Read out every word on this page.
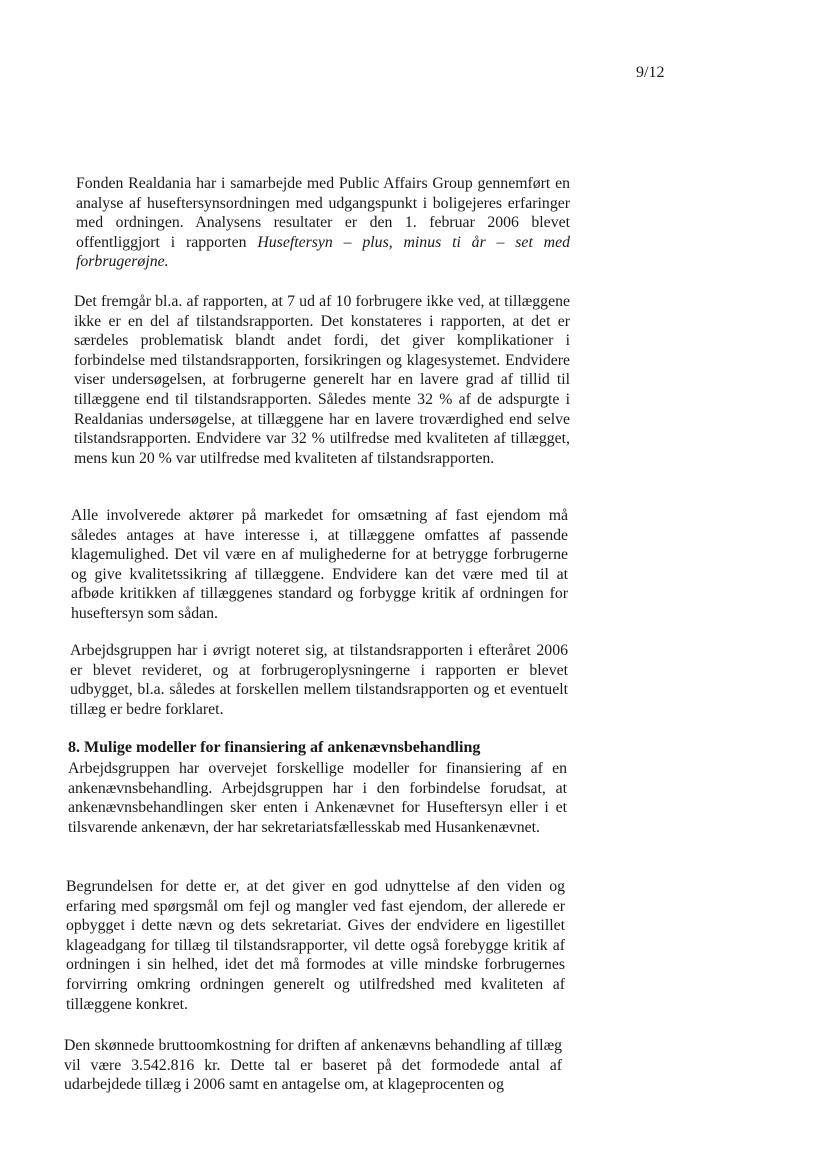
9/12

Fonden Realdania har i samarbejde med Public Affairs Group gennemført en analyse af huseftersynsordningen med udgangspunkt i boligejeres erfaringer med ordningen. Analysens resultater er den 1. februar 2006 blevet offentliggjort i rapporten Huseftersyn – plus, minus ti år – set med forbrugerøjne.

Det fremgår bl.a. af rapporten, at 7 ud af 10 forbrugere ikke ved, at tillæggene ikke er en del af tilstandsrapporten. Det konstateres i rapporten, at det er særdeles problematisk blandt andet fordi, det giver komplikationer i forbindelse med tilstandsrapporten, forsikringen og klagesystemet. Endvidere viser undersøgelsen, at forbrugerne generelt har en lavere grad af tillid til tillæggene end til tilstandsrapporten. Således mente 32 % af de adspurgte i Realdanias undersøgelse, at tillæggene har en lavere troværdighed end selve tilstandsrapporten. Endvidere var 32 % utilfredse med kvaliteten af tillægget, mens kun 20 % var utilfredse med kvaliteten af tilstandsrapporten.

Alle involverede aktører på markedet for omsætning af fast ejendom må således antages at have interesse i, at tillæggene omfattes af passende klagemulighed. Det vil være en af mulighederne for at betrygge forbrugerne og give kvalitetssikring af tillæggene. Endvidere kan det være med til at afbøde kritikken af tillæggenes standard og forbygge kritik af ordningen for huseftersyn som sådan.

Arbejdsgruppen har i øvrigt noteret sig, at tilstandsrapporten i efteråret 2006 er blevet revideret, og at forbrugeroplysningerne i rapporten er blevet udbygget, bl.a. således at forskellen mellem tilstandsrapporten og et eventuelt tillæg er bedre forklaret.

8. Mulige modeller for finansiering af ankenævnsbehandling

Arbejdsgruppen har overvejet forskellige modeller for finansiering af en ankenævnsbehandling. Arbejdsgruppen har i den forbindelse forudsat, at ankenævnsbehandlingen sker enten i Ankenævnet for Huseftersyn eller i et tilsvarende ankenævn, der har sekretariatsfællesskab med Husankenævnet.

Begrundelsen for dette er, at det giver en god udnyttelse af den viden og erfaring med spørgsmål om fejl og mangler ved fast ejendom, der allerede er opbygget i dette nævn og dets sekretariat. Gives der endvidere en ligestillet klageadgang for tillæg til tilstandsrapporter, vil dette også forebygge kritik af ordningen i sin helhed, idet det må formodes at ville mindske forbrugernes forvirring omkring ordningen generelt og utilfredshed med kvaliteten af tillæggene konkret.

Den skønnede bruttoomkostning for driften af ankenævns behandling af tillæg vil være 3.542.816 kr. Dette tal er baseret på det formodede antal af udarbejdede tillæg i 2006 samt en antagelse om, at klageprocenten og
